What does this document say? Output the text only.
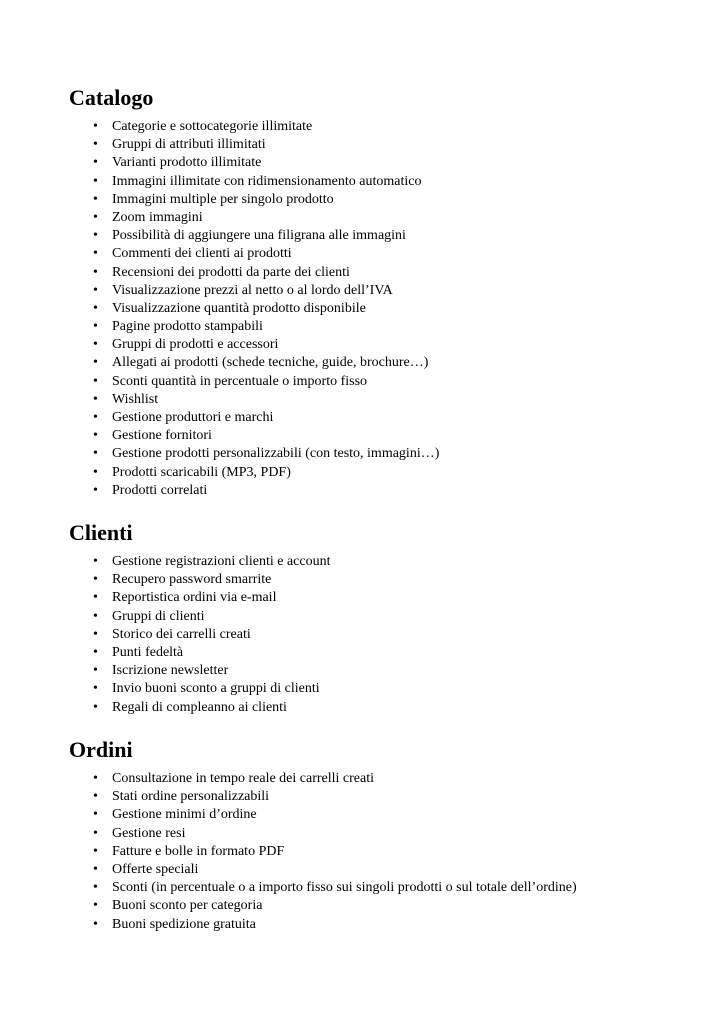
Catalogo
• Categorie e sottocategorie illimitate
• Gruppi di attributi illimitati
• Varianti prodotto illimitate
• Immagini illimitate con ridimensionamento automatico
• Immagini multiple per singolo prodotto
• Zoom immagini
• Possibilità di aggiungere una filigrana alle immagini
• Commenti dei clienti ai prodotti
• Recensioni dei prodotti da parte dei clienti
• Visualizzazione prezzi al netto o al lordo dell’IVA
• Visualizzazione quantità prodotto disponibile
• Pagine prodotto stampabili
• Gruppi di prodotti e accessori
• Allegati ai prodotti (schede tecniche, guide, brochure…)
• Sconti quantità in percentuale o importo fisso
• Wishlist
• Gestione produttori e marchi
• Gestione fornitori
• Gestione prodotti personalizzabili (con testo, immagini…)
• Prodotti scaricabili (MP3, PDF)
• Prodotti correlati
Clienti
• Gestione registrazioni clienti e account
• Recupero password smarrite
• Reportistica ordini via e-mail
• Gruppi di clienti
• Storico dei carrelli creati
• Punti fedeltà
• Iscrizione newsletter
• Invio buoni sconto a gruppi di clienti
• Regali di compleanno ai clienti
Ordini
• Consultazione in tempo reale dei carrelli creati
• Stati ordine personalizzabili
• Gestione minimi d’ordine
• Gestione resi
• Fatture e bolle in formato PDF
• Offerte speciali
• Sconti (in percentuale o a importo fisso sui singoli prodotti o sul totale dell’ordine)
• Buoni sconto per categoria
• Buoni spedizione gratuita
